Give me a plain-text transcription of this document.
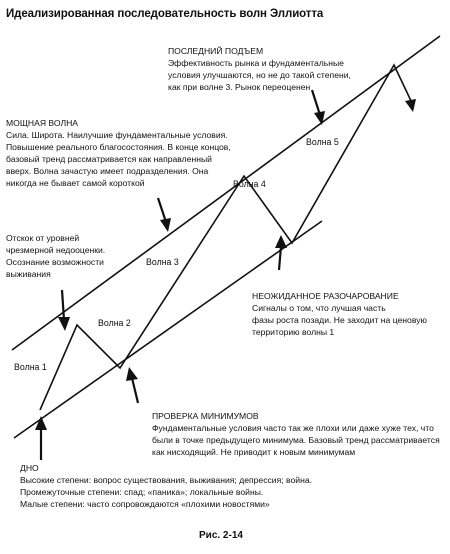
Идеализированная последовательность волн Эллиотта
Волна 1
Волна 2
Волна 3
Волна 4
Волна 5
ПОСЛЕДНИЙ ПОДЪЕМ
Эффективность рынка и фундаментальные
условия улучшаются, но не до такой степени,
как при волне 3. Рынок переоценен
МОЩНАЯ ВОЛНА
Сила. Широта. Наилучшие фундаментальные условия.
Повышение реального благосостояния. В конце концов,
базовый тренд рассматривается как направленный
вверх. Волна зачастую имеет подразделения. Она
никогда не бывает самой короткой
Отскок от уровней
чрезмерной недооценки.
Осознание возможности
выживания
НЕОЖИДАННОЕ РАЗОЧАРОВАНИЕ
Сигналы о том, что лучшая часть
фазы роста позади. Не заходит на ценовую
территорию волны 1
ПРОВЕРКА МИНИМУМОВ
Фундаментальные условия часто так же плохи или даже хуже тех, что
были в точке предыдущего минимума. Базовый тренд рассматривается
как нисходящий. Не приводит к новым минимумам
ДНО
Высокие степени: вопрос существования, выживания; депрессия; война.
Промежуточные степени: спад; «паника»; локальные войны.
Малые степени: часто сопровождаются «плохими новостями»
Рис. 2-14
